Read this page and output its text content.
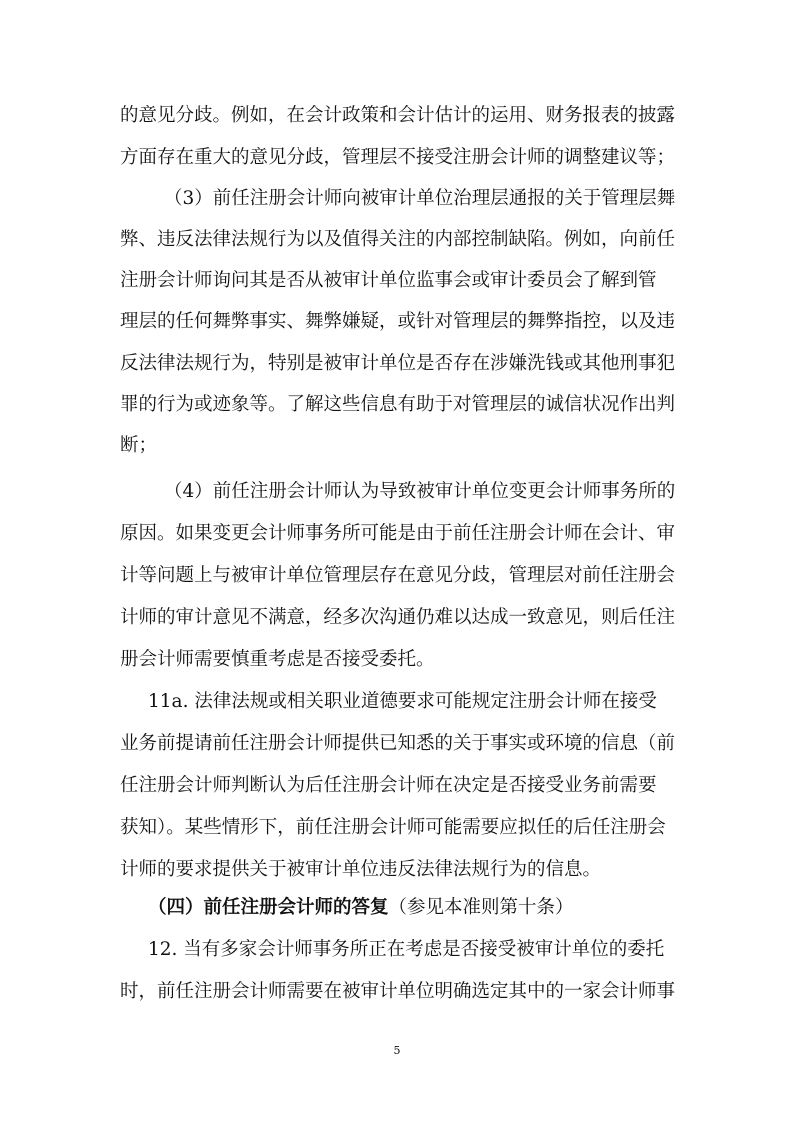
的意见分歧。例如，在会计政策和会计估计的运用、财务报表的披露
方面存在重大的意见分歧，管理层不接受注册会计师的调整建议等；
（3）前任注册会计师向被审计单位治理层通报的关于管理层舞
弊、违反法律法规行为以及值得关注的内部控制缺陷。例如，向前任
注册会计师询问其是否从被审计单位监事会或审计委员会了解到管
理层的任何舞弊事实、舞弊嫌疑，或针对管理层的舞弊指控，以及违
反法律法规行为，特别是被审计单位是否存在涉嫌洗钱或其他刑事犯
罪的行为或迹象等。了解这些信息有助于对管理层的诚信状况作出判
断；
（4）前任注册会计师认为导致被审计单位变更会计师事务所的
原因。如果变更会计师事务所可能是由于前任注册会计师在会计、审
计等问题上与被审计单位管理层存在意见分歧，管理层对前任注册会
计师的审计意见不满意，经多次沟通仍难以达成一致意见，则后任注
册会计师需要慎重考虑是否接受委托。
11a. 法律法规或相关职业道德要求可能规定注册会计师在接受
业务前提请前任注册会计师提供已知悉的关于事实或环境的信息（前
任注册会计师判断认为后任注册会计师在决定是否接受业务前需要
获知）。某些情形下，前任注册会计师可能需要应拟任的后任注册会
计师的要求提供关于被审计单位违反法律法规行为的信息。
（四）前任注册会计师的答复（参见本准则第十条）
12. 当有多家会计师事务所正在考虑是否接受被审计单位的委托
时，前任注册会计师需要在被审计单位明确选定其中的一家会计师事
5
